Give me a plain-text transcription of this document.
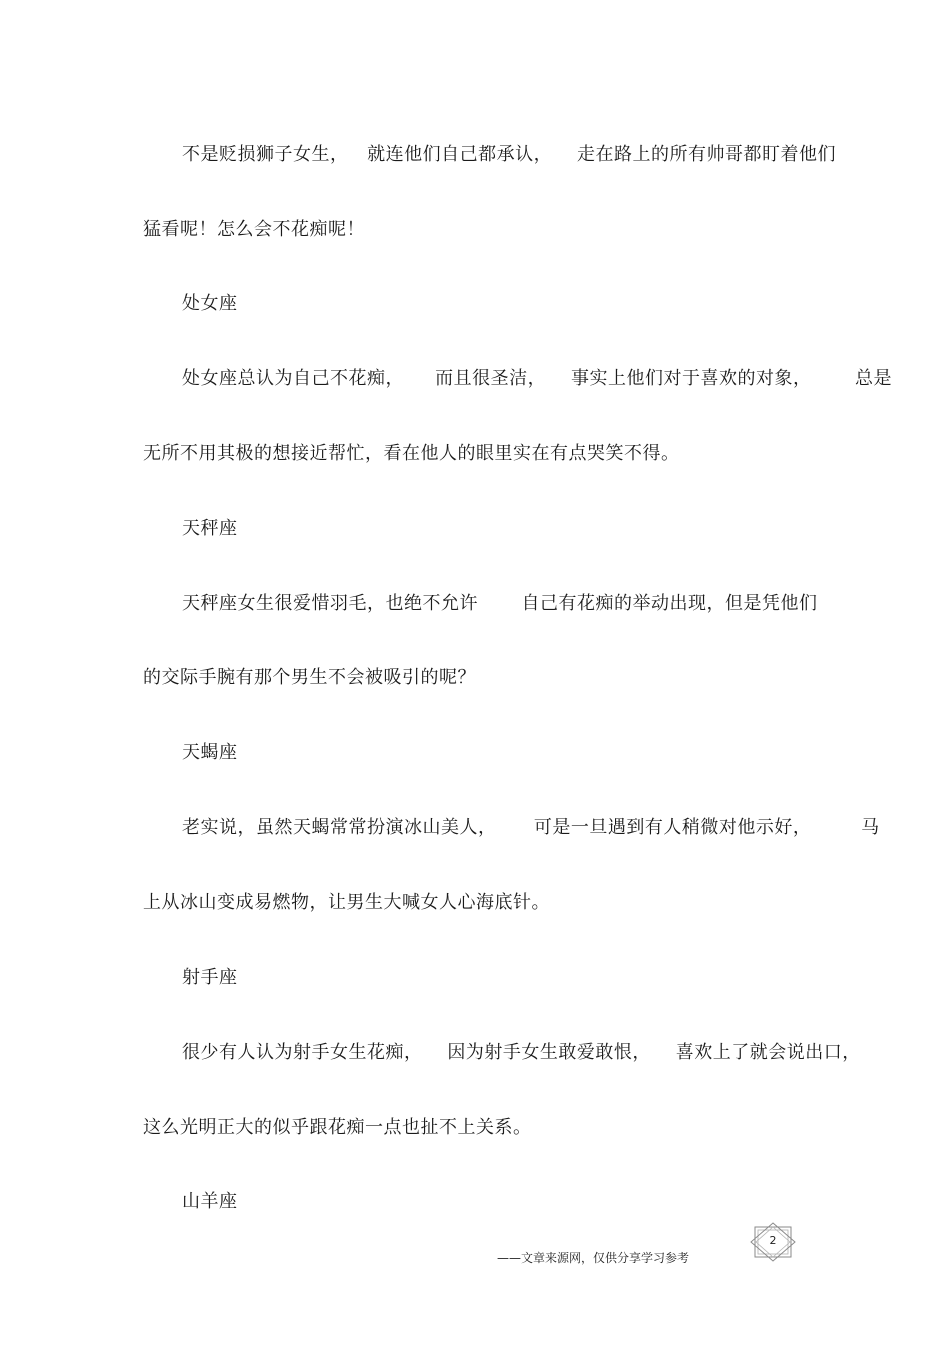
不是贬损狮子女生，   就连他们自己都承认，    走在路上的所有帅哥都盯着他们
猛看呢！怎么会不花痴呢！
处女座
处女座总认为自己不花痴，     而且很圣洁，    事实上他们对于喜欢的对象，       总是
无所不用其极的想接近帮忙，看在他人的眼里实在有点哭笑不得。
天秤座
天秤座女生很爱惜羽毛，也绝不允许       自己有花痴的举动出现，但是凭他们
的交际手腕有那个男生不会被吸引的呢？
天蝎座
老实说，虽然天蝎常常扮演冰山美人，      可是一旦遇到有人稍微对他示好，        马
上从冰山变成易燃物，让男生大喊女人心海底针。
射手座
很少有人认为射手女生花痴，    因为射手女生敢爱敢恨，    喜欢上了就会说出口，
这么光明正大的似乎跟花痴一点也扯不上关系。
山羊座
——文章来源网，仅供分享学习参考
2
